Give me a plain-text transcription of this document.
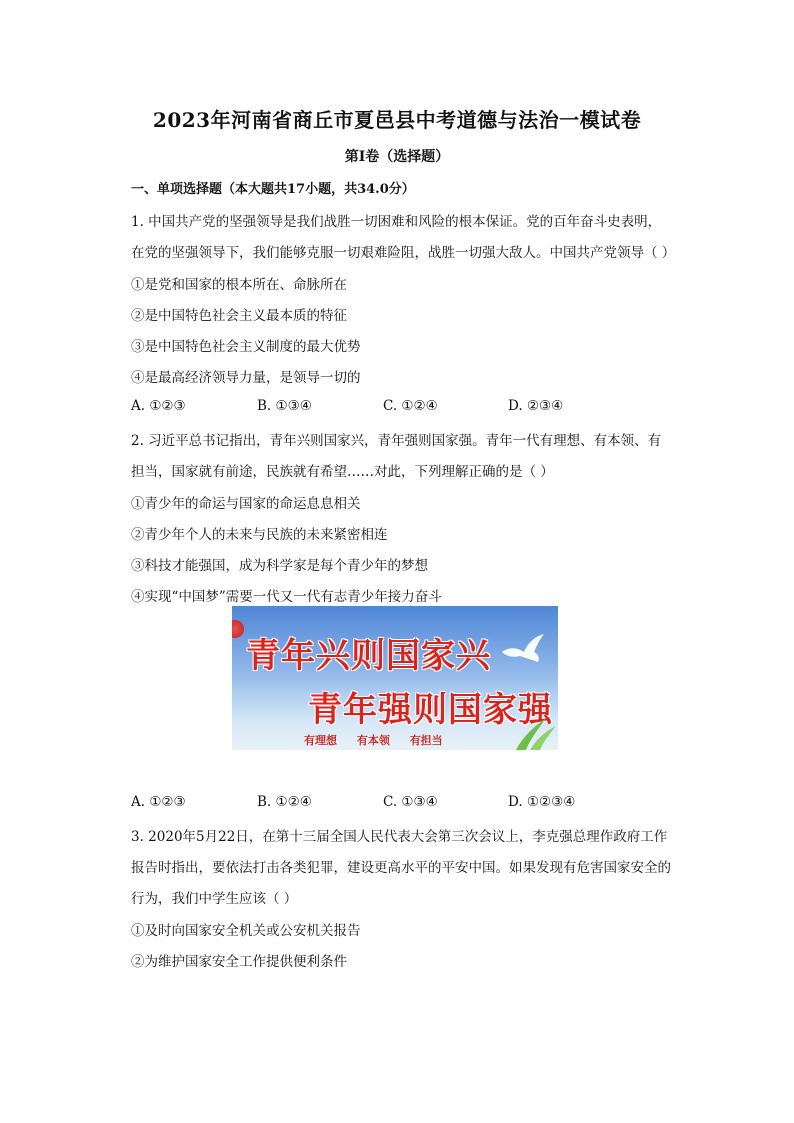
2023年河南省商丘市夏邑县中考道德与法治一模试卷
第Ⅰ卷（选择题）
一、单项选择题（本大题共17小题，共34.0分）
1. 中国共产党的坚强领导是我们战胜一切困难和风险的根本保证。党的百年奋斗史表明，
在党的坚强领导下，我们能够克服一切艰难险阻，战胜一切强大敌人。中国共产党领导（ ）
①是党和国家的根本所在、命脉所在
②是中国特色社会主义最本质的特征
③是中国特色社会主义制度的最大优势
④是最高经济领导力量，是领导一切的
A. ①②③	B. ①③④	C. ①②④	D. ②③④
2. 习近平总书记指出，青年兴则国家兴，青年强则国家强。青年一代有理想、有本领、有
担当，国家就有前途，民族就有希望……对此，下列理解正确的是（ ）
①青少年的命运与国家的命运息息相关
②青少年个人的未来与民族的未来紧密相连
③科技才能强国，成为科学家是每个青少年的梦想
④实现“中国梦”需要一代又一代有志青少年接力奋斗
青年兴则国家兴
青年强则国家强
有理想 有本领 有担当
A. ①②③	B. ①②④	C. ①③④	D. ①②③④
3. 2020年5月22日，在第十三届全国人民代表大会第三次会议上，李克强总理作政府工作
报告时指出，要依法打击各类犯罪，建设更高水平的平安中国。如果发现有危害国家安全的
行为，我们中学生应该（ ）
①及时向国家安全机关或公安机关报告
②为维护国家安全工作提供便利条件
